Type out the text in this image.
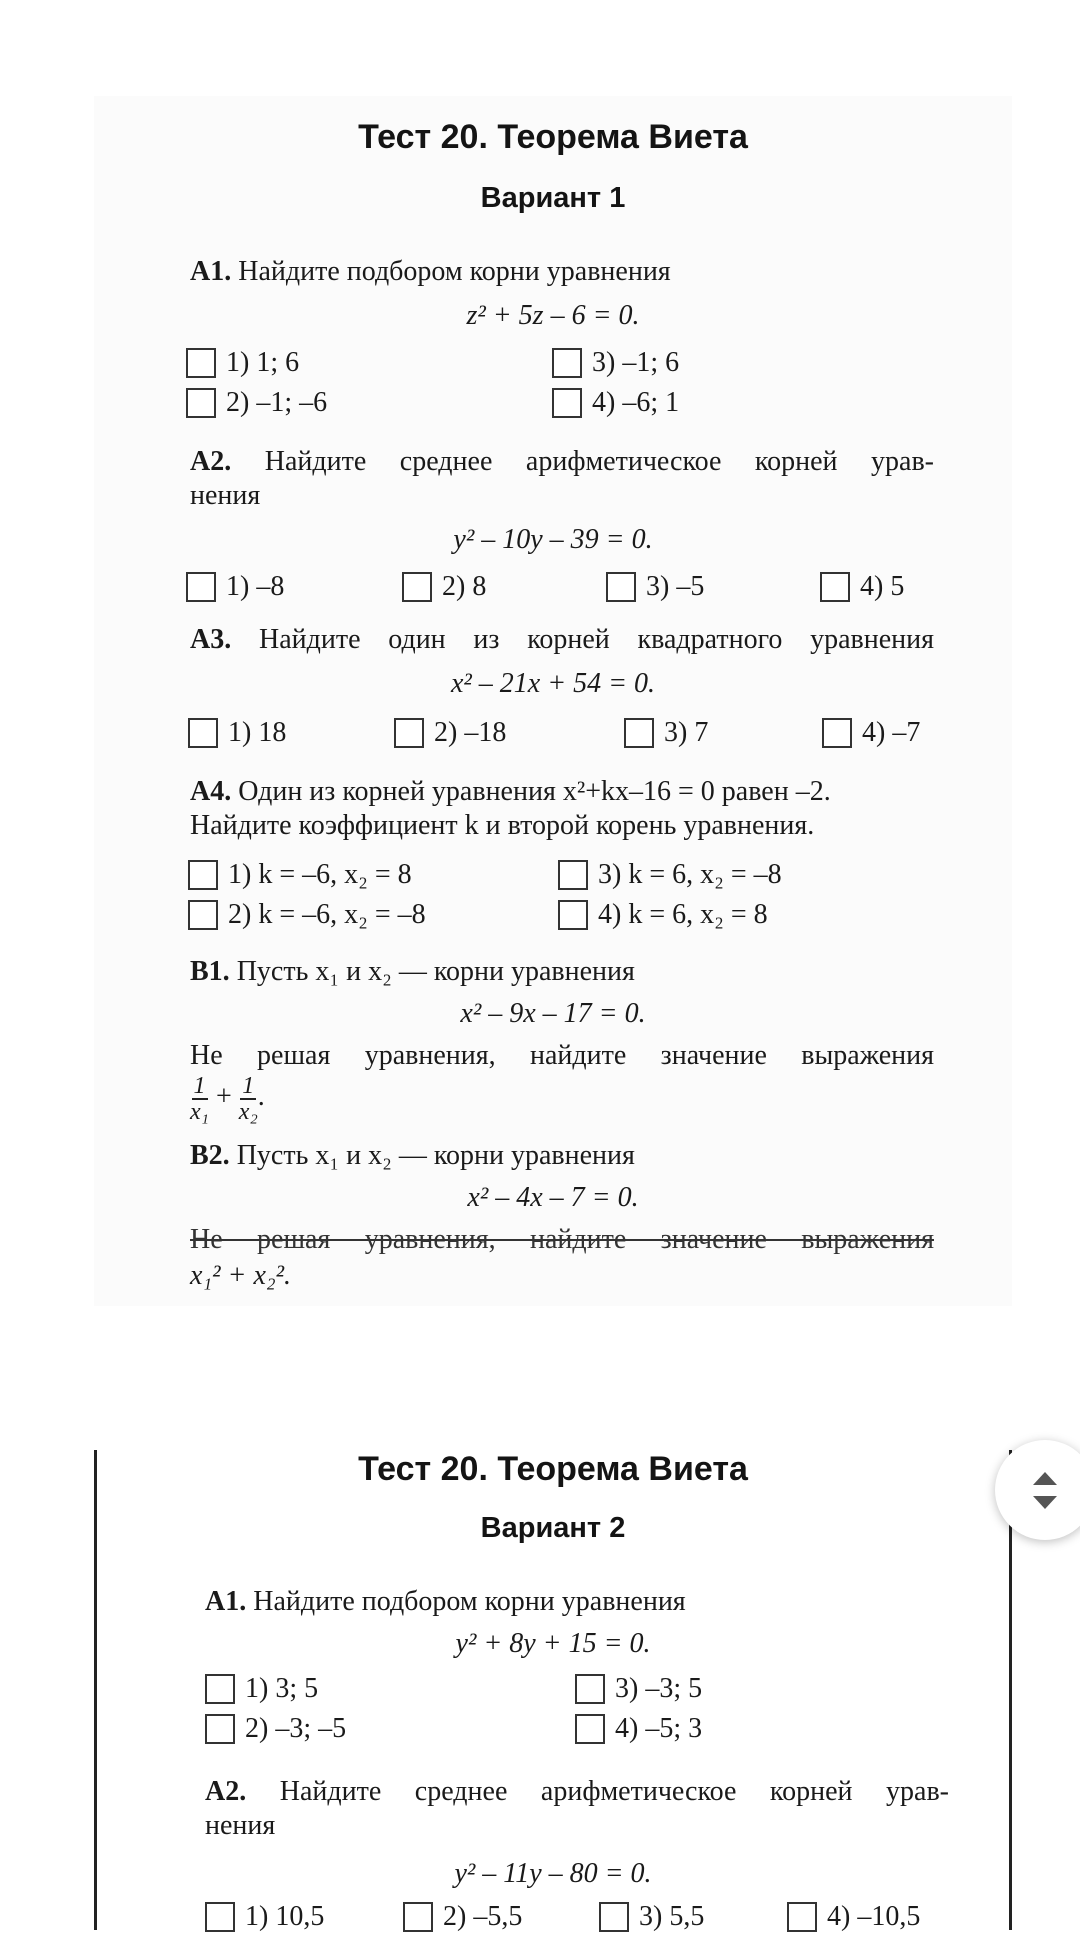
Тест 20. Теорема Виета
Вариант 1
А1. Найдите подбором корни уравнения
z² + 5z – 6 = 0.
1) 1; 6	3) –1; 6
2) –1; –6	4) –6; 1
А2. Найдите среднее арифметическое корней урав-
нения
y² – 10y – 39 = 0.
1) –8	2) 8	3) –5	4) 5
А3. Найдите один из корней квадратного уравнения
x² – 21x + 54 = 0.
1) 18	2) –18	3) 7	4) –7
А4. Один из корней уравнения x²+kx–16 = 0 равен –2.
Найдите коэффициент k и второй корень уравнения.
1) k = –6, x₂ = 8	3) k = 6, x₂ = –8
2) k = –6, x₂ = –8	4) k = 6, x₂ = 8
В1. Пусть x₁ и x₂ — корни уравнения
x² – 9x – 17 = 0.
Не решая уравнения, найдите значение выражения
$\frac{1}{\text{x₁}} + \frac{1}{\text{x₂}}$ .
В2. Пусть x₁ и x₂ — корни уравнения
x² – 4x – 7 = 0.
Не решая уравнения, найдите значение выражения
x₁² + x₂².
Тест 20. Теорема Виета
Вариант 2
А1. Найдите подбором корни уравнения
y² + 8y + 15 = 0.
1) 3; 5	3) –3; 5
2) –3; –5	4) –5; 3
А2. Найдите среднее арифметическое корней урав-
нения
y² – 11y – 80 = 0.
1) 10,5	2) –5,5	3) 5,5	4) –10,5
